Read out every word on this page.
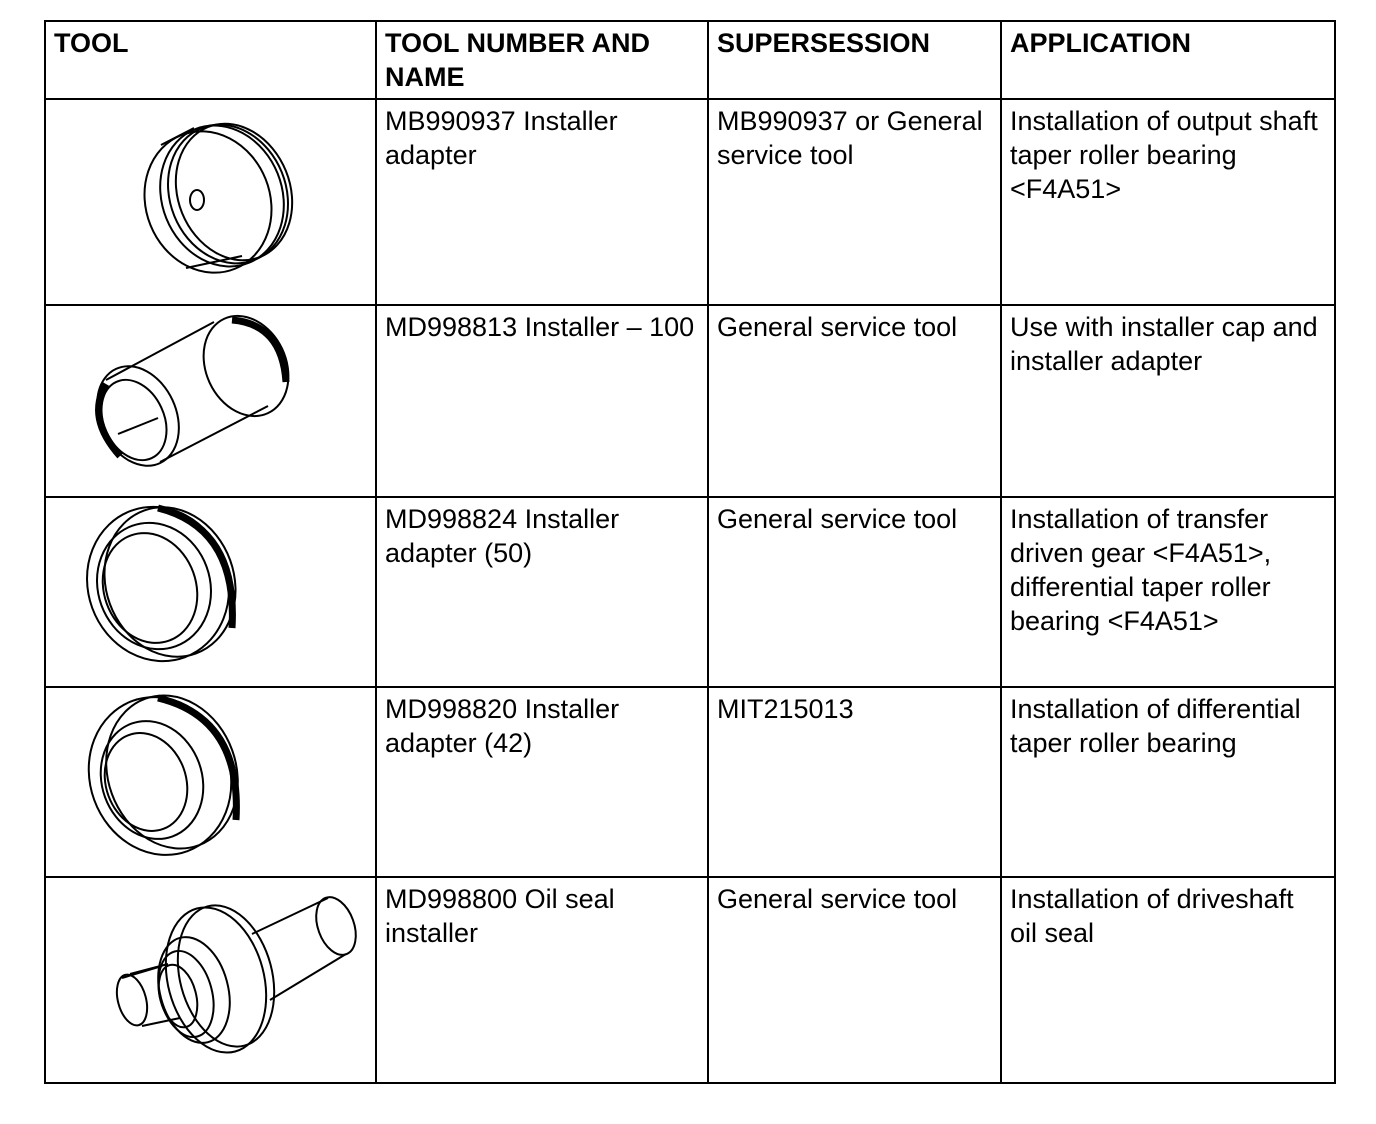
TOOL	TOOL NUMBER AND NAME	SUPERSESSION	APPLICATION

	MB990937 Installer adapter	MB990937 or General service tool	Installation of output shaft taper roller bearing <F4A51>

	MD998813 Installer – 100	General service tool	Use with installer cap and installer adapter

	MD998824 Installer adapter (50)	General service tool	Installation of transfer driven gear <F4A51>, differential taper roller bearing <F4A51>

	MD998820 Installer adapter (42)	MIT215013	Installation of differential taper roller bearing

	MD998800 Oil seal installer	General service tool	Installation of driveshaft oil seal
